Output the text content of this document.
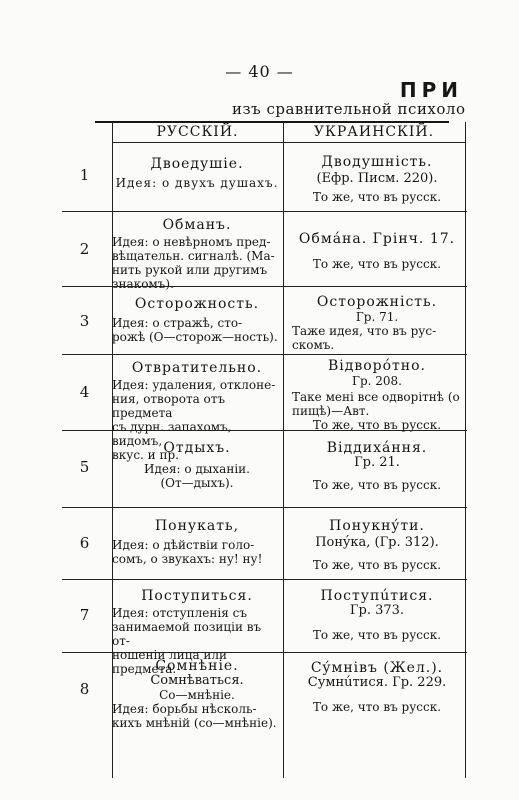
— 40 —
ПРИ
изъ сравнительной психоло
РУССКІЙ.	УКРАИНСКІЙ.
1
Двоедушіе.
Идея: о двухъ душахъ.
Дводушність.
(Ефр. Писм. 220).
То же, что въ русск.
2
Обманъ.
Идея: о невѣрномъ пред-
вѣщательн. сигналѣ. (Ма-
нить рукой или другимъ
знакомъ).
Обмáна. Грінч. 17.
То же, что въ русск.
3
Осторожность.
Идея: о стражѣ, сто-
рожѣ (О—сторож—ность).
Осторожність.
Гр. 71.
Таже идея, что въ рус-
скомъ.
4
Отвратительно.
Идея: удаления, отклоне-
ния, отворота отъ предмета
съ дурн. запахомъ, видомъ,
вкус. и пр.
Відворóтно.
Гр. 208.
Таке мені все одворітнѣ (о
пищѣ)—Авт.
То же, что въ русск.
5
Отдыхъ.
Идея: о дыханіи.
(От—дыхъ).
Віддихáння.
Гр. 21.
То же, что въ русск.
6
Понукать,
Идея: о дѣйствіи голо-
сомъ, о звукахъ: ну! ну!
Понукнýти.
Понýка, (Гр. 312).
То же, что въ русск.
7
Поступиться.
Идея: отступленія съ
занимаемой позиціи въ от-
ношеніи лица или предмета.
Поступúтися.
Гр. 373.
То же, что въ русск.
8
Сомнѣніе.
Сомнѣваться.
Со—мнѣніе.
Идея: борьбы нѣсколь-
кихъ мнѣній (со—мнѣніе).
Сýмнівъ (Жел.).
Сумнúтися. Гр. 229.
То же, что въ русск.
